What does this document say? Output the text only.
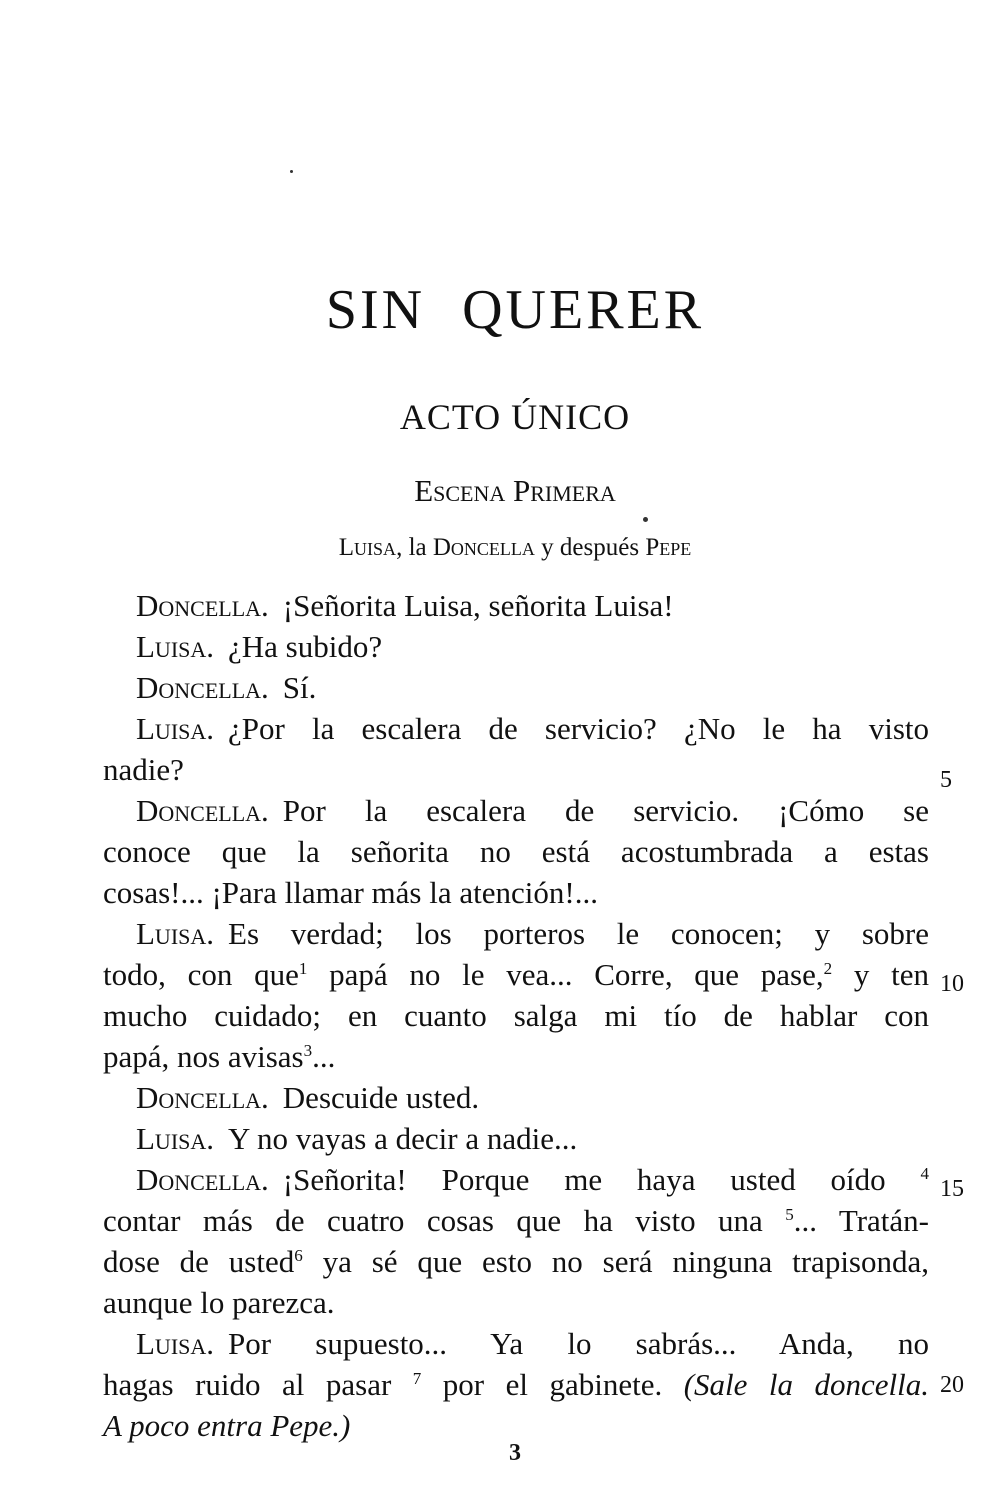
SIN QUERER
ACTO ÚNICO
Escena Primera
Luisa, la Doncella y después Pepe
Doncella. ¡Señorita Luisa, señorita Luisa!
Luisa. ¿Ha subido?
Doncella. Sí.
Luisa. ¿Por la escalera de servicio? ¿No le ha visto
nadie?
Doncella. Por la escalera de servicio. ¡Cómo se
conoce que la señorita no está acostumbrada a estas
cosas!... ¡Para llamar más la atención!...
Luisa. Es verdad; los porteros le conocen; y sobre
todo, con que$^1$ papá no le vea... Corre, que pase,$^2$ y ten
mucho cuidado; en cuanto salga mi tío de hablar con
papá, nos avisas$^3$...
Doncella. Descuide usted.
Luisa. Y no vayas a decir a nadie...
Doncella. ¡Señorita! Porque me haya usted oído $^4$
contar más de cuatro cosas que ha visto una $^5$... Tratán-
dose de usted$^6$ ya sé que esto no será ninguna trapisonda,
aunque lo parezca.
Luisa. Por supuesto... Ya lo sabrás... Anda, no
hagas ruido al pasar $^7$ por el gabinete. (Sale la doncella.
A poco entra Pepe.)
5
10
15
20
3
